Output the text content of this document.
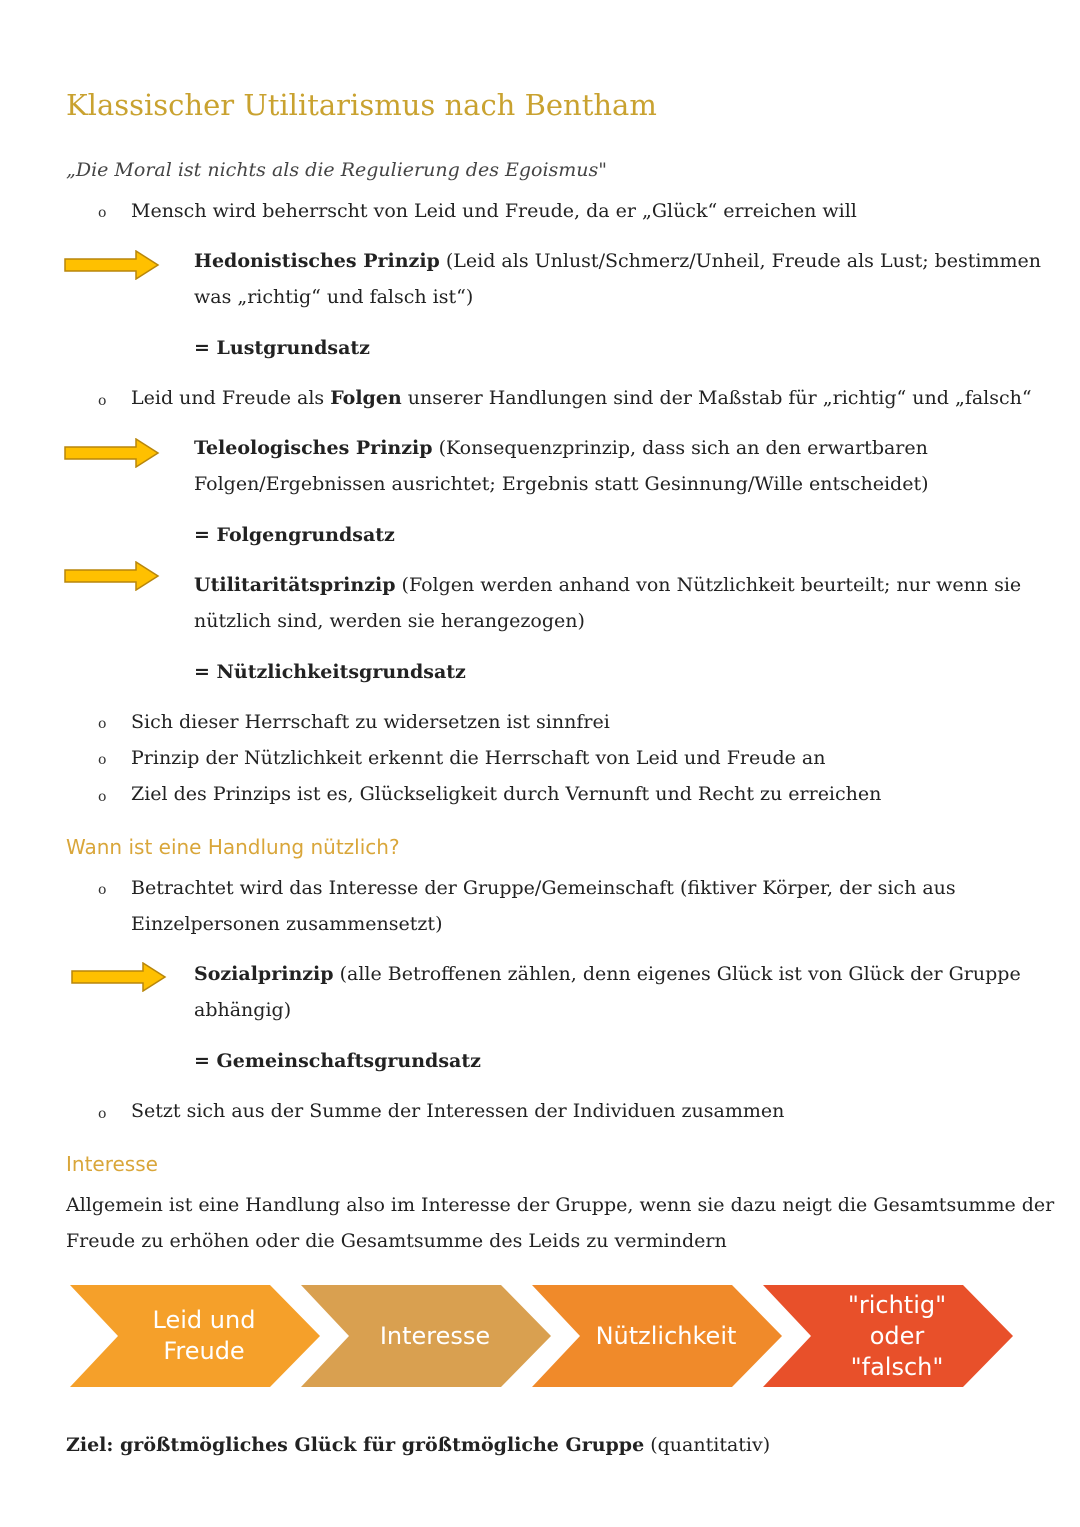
Klassischer Utilitarismus nach Bentham
„Die Moral ist nichts als die Regulierung des Egoismus"
o Mensch wird beherrscht von Leid und Freude, da er „Glück“ erreichen will
Hedonistisches Prinzip (Leid als Unlust/Schmerz/Unheil, Freude als Lust; bestimmen
was „richtig“ und falsch ist“)
= Lustgrundsatz
o Leid und Freude als Folgen unserer Handlungen sind der Maßstab für „richtig“ und „falsch“
Teleologisches Prinzip (Konsequenzprinzip, dass sich an den erwartbaren
Folgen/Ergebnissen ausrichtet; Ergebnis statt Gesinnung/Wille entscheidet)
= Folgengrundsatz
Utilitaritätsprinzip (Folgen werden anhand von Nützlichkeit beurteilt; nur wenn sie
nützlich sind, werden sie herangezogen)
= Nützlichkeitsgrundsatz
o Sich dieser Herrschaft zu widersetzen ist sinnfrei
o Prinzip der Nützlichkeit erkennt die Herrschaft von Leid und Freude an
o Ziel des Prinzips ist es, Glückseligkeit durch Vernunft und Recht zu erreichen
Wann ist eine Handlung nützlich?
o Betrachtet wird das Interesse der Gruppe/Gemeinschaft (fiktiver Körper, der sich aus
Einzelpersonen zusammensetzt)
Sozialprinzip (alle Betroffenen zählen, denn eigenes Glück ist von Glück der Gruppe
abhängig)
= Gemeinschaftsgrundsatz
o Setzt sich aus der Summe der Interessen der Individuen zusammen
Interesse
Allgemein ist eine Handlung also im Interesse der Gruppe, wenn sie dazu neigt die Gesamtsumme der
Freude zu erhöhen oder die Gesamtsumme des Leids zu vermindern
Leid und
Freude
Interesse	Nützlichkeit
"richtig"
oder
"falsch"
Ziel: größtmögliches Glück für größtmögliche Gruppe (quantitativ)
